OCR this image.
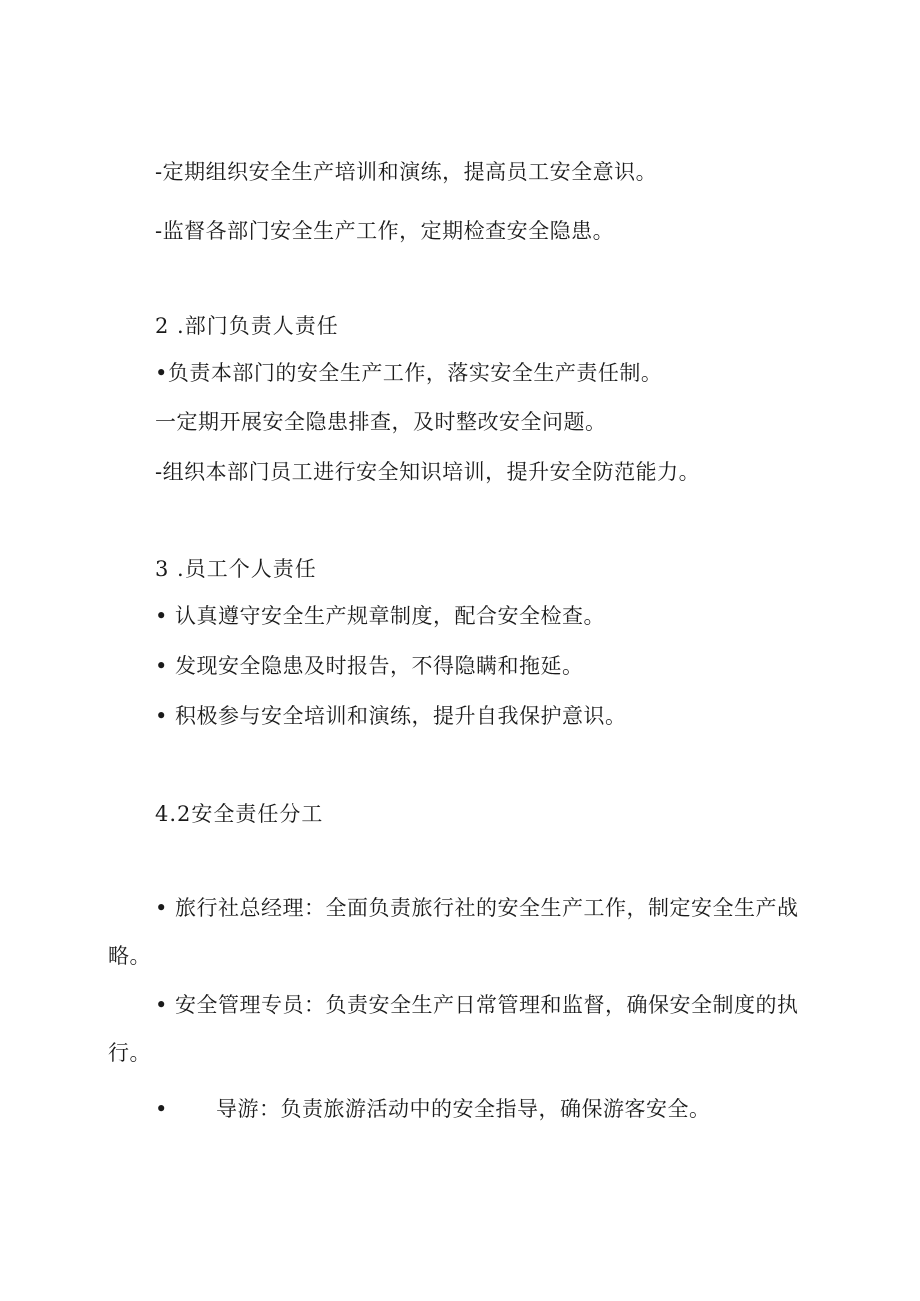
-定期组织安全生产培训和演练，提高员工安全意识。
-监督各部门安全生产工作，定期检查安全隐患。
2 .部门负责人责任
•负责本部门的安全生产工作，落实安全生产责任制。
一定期开展安全隐患排查，及时整改安全问题。
-组织本部门员工进行安全知识培训，提升安全防范能力。
3 .员工个人责任
• 认真遵守安全生产规章制度，配合安全检查。
• 发现安全隐患及时报告，不得隐瞒和拖延。
• 积极参与安全培训和演练，提升自我保护意识。
4.2安全责任分工
• 旅行社总经理：全面负责旅行社的安全生产工作，制定安全生产战
略。
• 安全管理专员：负责安全生产日常管理和监督，确保安全制度的执
行。
• 导游：负责旅游活动中的安全指导，确保游客安全。
